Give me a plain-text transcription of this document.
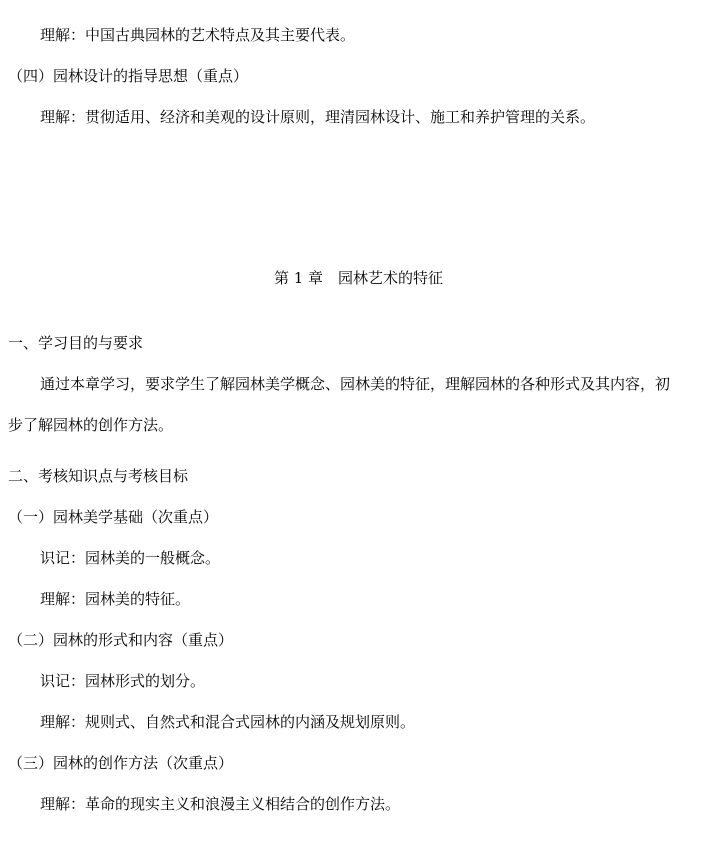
理解：中国古典园林的艺术特点及其主要代表。
（四）园林设计的指导思想（重点）
理解：贯彻适用、经济和美观的设计原则，理清园林设计、施工和养护管理的关系。
第 1 章　园林艺术的特征
一、学习目的与要求
通过本章学习，要求学生了解园林美学概念、园林美的特征，理解园林的各种形式及其内容，初
步了解园林的创作方法。
二、考核知识点与考核目标
（一）园林美学基础（次重点）
识记：园林美的一般概念。
理解：园林美的特征。
（二）园林的形式和内容（重点）
识记：园林形式的划分。
理解：规则式、自然式和混合式园林的内涵及规划原则。
（三）园林的创作方法（次重点）
理解：革命的现实主义和浪漫主义相结合的创作方法。
